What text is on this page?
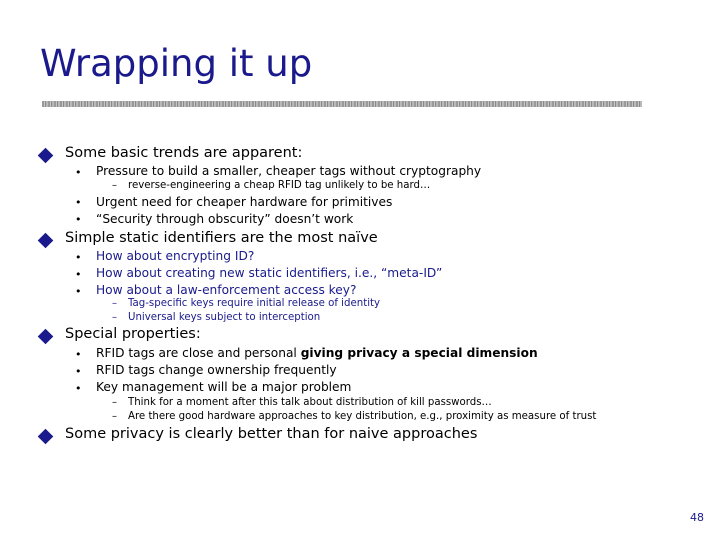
Wrapping it up
Some basic trends are apparent:
• Pressure to build a smaller, cheaper tags without cryptography
– reverse-engineering a cheap RFID tag unlikely to be hard…
• Urgent need for cheaper hardware for primitives
• “Security through obscurity” doesn’t work
Simple static identifiers are the most naïve
• How about encrypting ID?
• How about creating new static identifiers, i.e., “meta-ID”
• How about a law-enforcement access key?
– Tag-specific keys require initial release of identity
– Universal keys subject to interception
Special properties:
• RFID tags are close and personal giving privacy a special dimension
• RFID tags change ownership frequently
• Key management will be a major problem
– Think for a moment after this talk about distribution of kill passwords…
– Are there good hardware approaches to key distribution, e.g., proximity as measure of trust
Some privacy is clearly better than for naive approaches
48
